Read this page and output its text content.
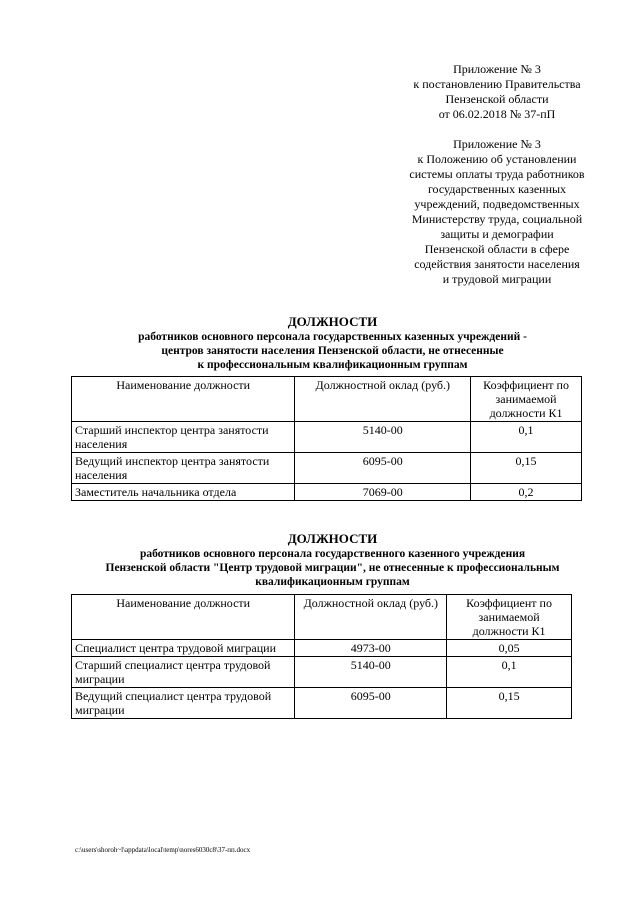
Приложение № 3
к постановлению Правительства
Пензенской области
от 06.02.2018 № 37-пП
Приложение № 3
к Положению об установлении
системы оплаты труда работников
государственных казенных
учреждений, подведомственных
Министерству труда, социальной
защиты и демографии
Пензенской области в сфере
содействия занятости населения
и трудовой миграции
ДОЛЖНОСТИ
работников основного персонала государственных казенных учреждений -
центров занятости населения Пензенской области, не отнесенные
к профессиональным квалификационным группам
Наименование должности	Должностной оклад (руб.)	Коэффициент по занимаемой должности К1
Старший инспектор центра занятости населения	5140-00	0,1
Ведущий инспектор центра занятости населения	6095-00	0,15
Заместитель начальника отдела	7069-00	0,2
ДОЛЖНОСТИ
работников основного персонала государственного казенного учреждения
Пензенской области "Центр трудовой миграции", не отнесенные к профессиональным
квалификационным группам
Наименование должности	Должностной оклад (руб.)	Коэффициент по занимаемой должности К1
Специалист центра трудовой миграции	4973-00	0,05
Старший специалист центра трудовой миграции	5140-00	0,1
Ведущий специалист центра трудовой миграции	6095-00	0,15
c:\users\shoroh~l\appdata\local\temp\nores6030c8\37-пп.docx
